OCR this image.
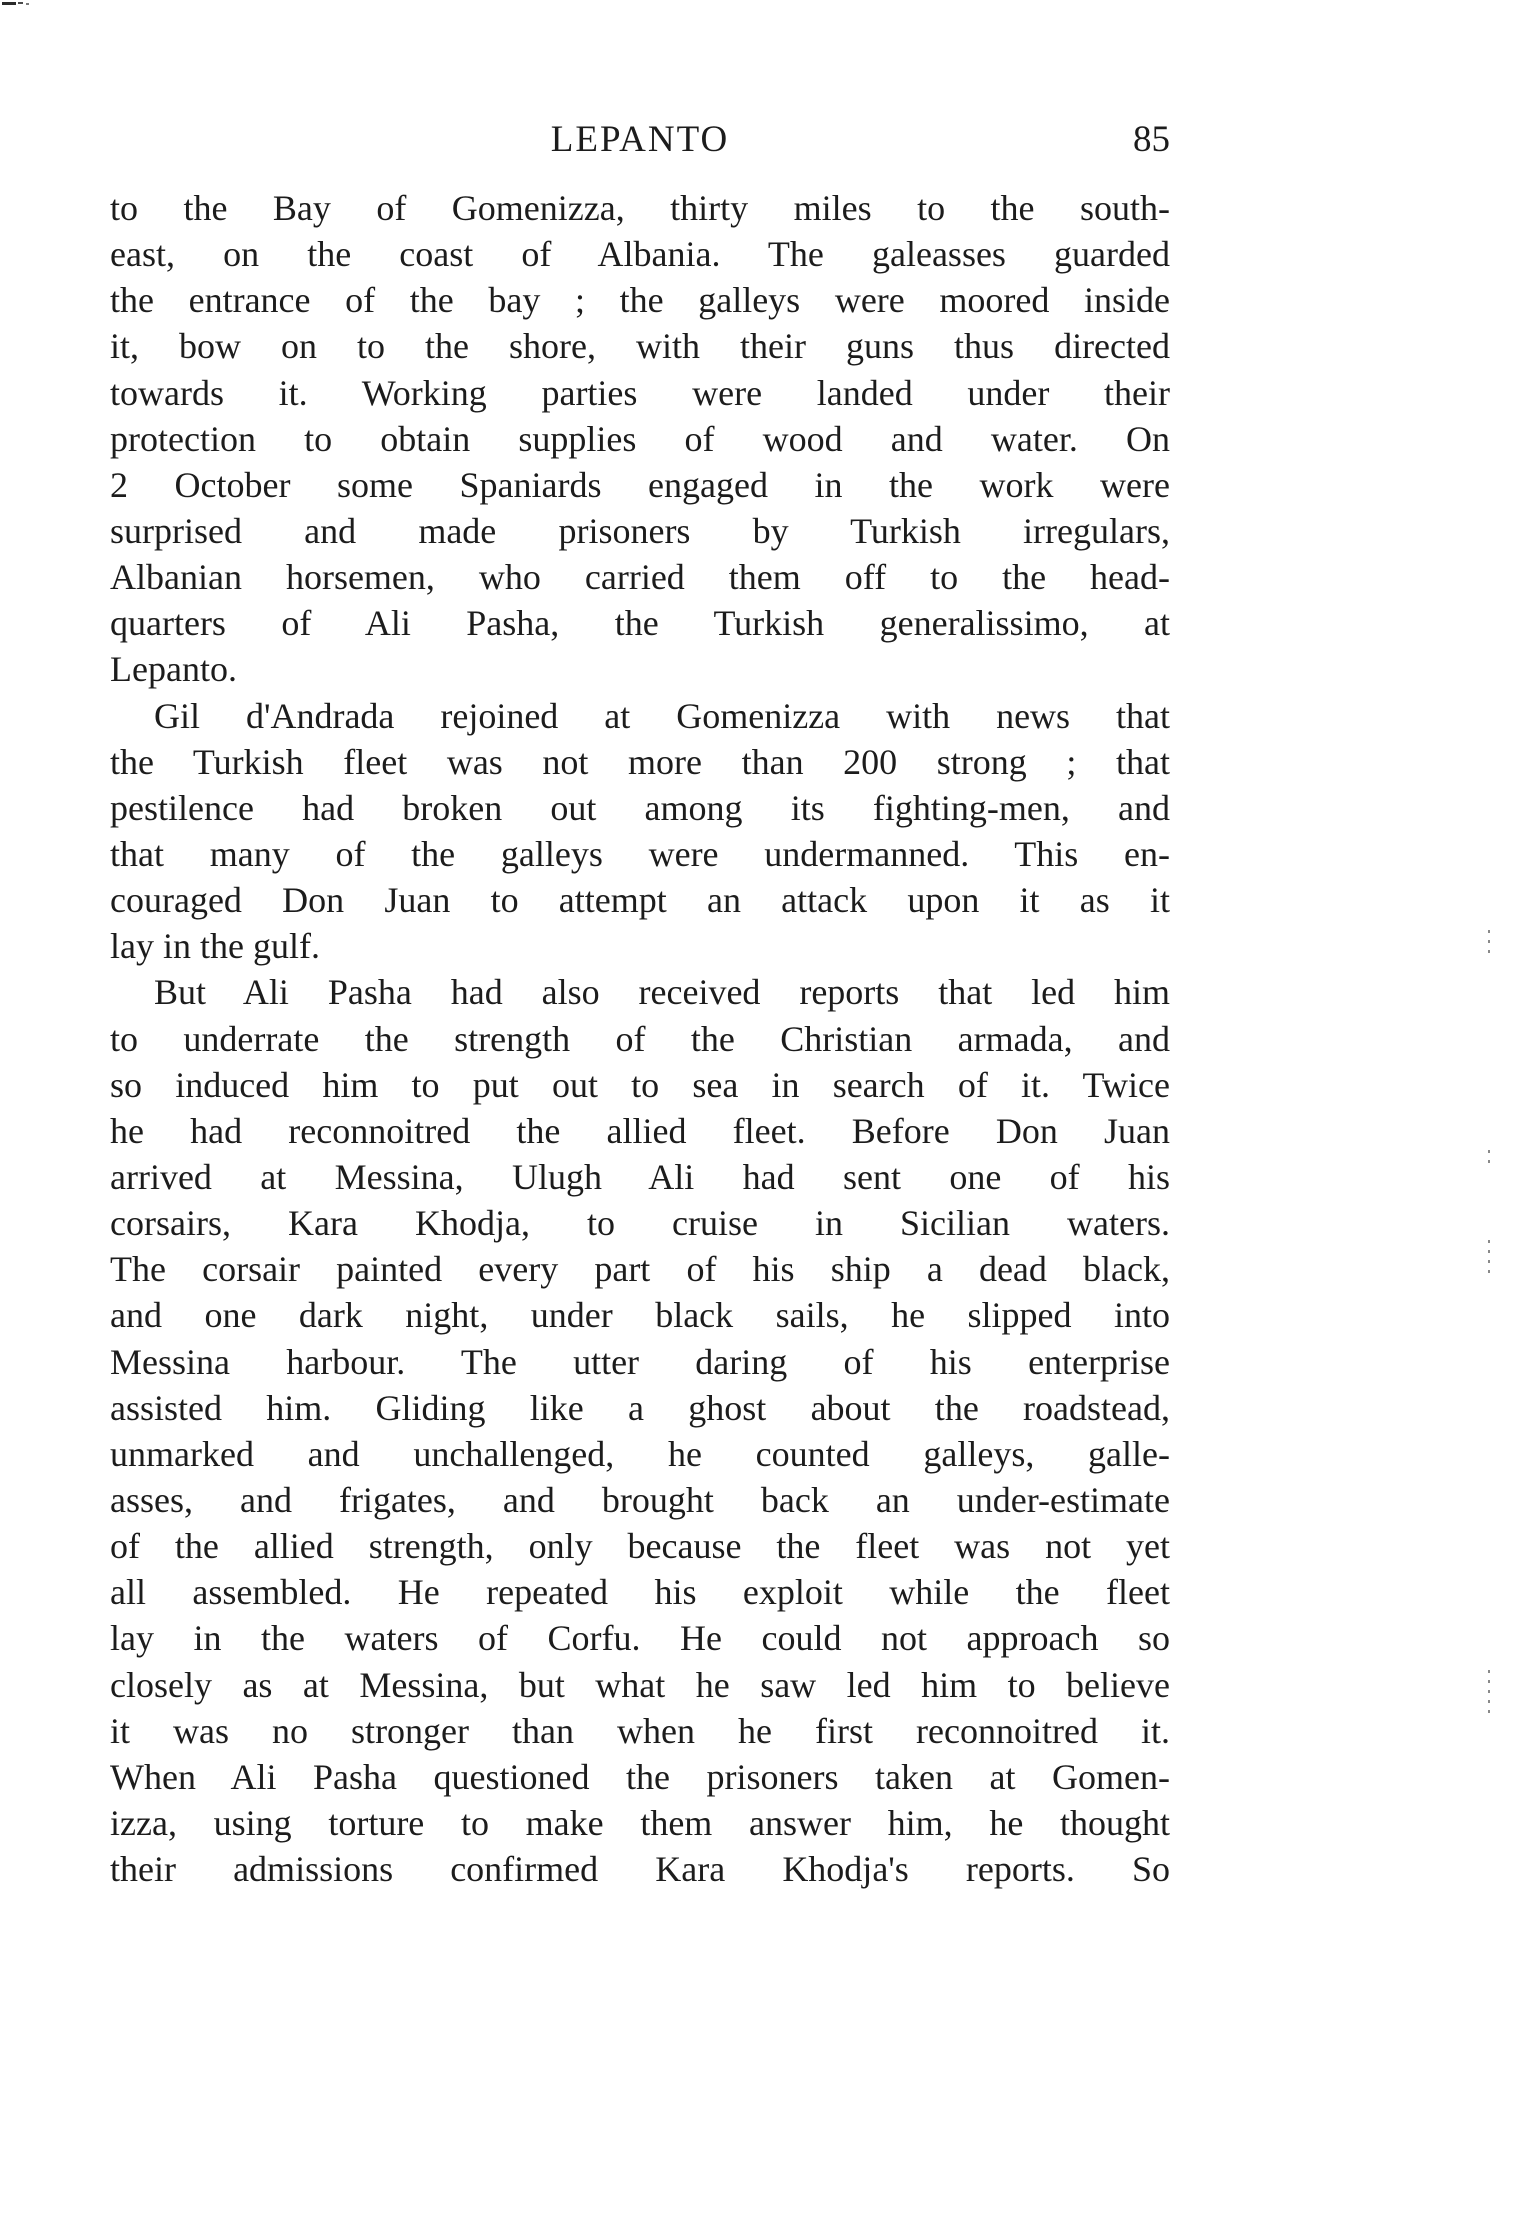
LEPANTO	85
to the Bay of Gomenizza, thirty miles to the south-
east, on the coast of Albania. The galeasses guarded
the entrance of the bay ; the galleys were moored inside
it, bow on to the shore, with their guns thus directed
towards it. Working parties were landed under their
protection to obtain supplies of wood and water. On
2 October some Spaniards engaged in the work were
surprised and made prisoners by Turkish irregulars,
Albanian horsemen, who carried them off to the head-
quarters of Ali Pasha, the Turkish generalissimo, at
Lepanto.
Gil d'Andrada rejoined at Gomenizza with news that
the Turkish fleet was not more than 200 strong ; that
pestilence had broken out among its fighting-men, and
that many of the galleys were undermanned. This en-
couraged Don Juan to attempt an attack upon it as it
lay in the gulf.
But Ali Pasha had also received reports that led him
to underrate the strength of the Christian armada, and
so induced him to put out to sea in search of it. Twice
he had reconnoitred the allied fleet. Before Don Juan
arrived at Messina, Ulugh Ali had sent one of his
corsairs, Kara Khodja, to cruise in Sicilian waters.
The corsair painted every part of his ship a dead black,
and one dark night, under black sails, he slipped into
Messina harbour. The utter daring of his enterprise
assisted him. Gliding like a ghost about the roadstead,
unmarked and unchallenged, he counted galleys, galle-
asses, and frigates, and brought back an under-estimate
of the allied strength, only because the fleet was not yet
all assembled. He repeated his exploit while the fleet
lay in the waters of Corfu. He could not approach so
closely as at Messina, but what he saw led him to believe
it was no stronger than when he first reconnoitred it.
When Ali Pasha questioned the prisoners taken at Gomen-
izza, using torture to make them answer him, he thought
their admissions confirmed Kara Khodja's reports. So
